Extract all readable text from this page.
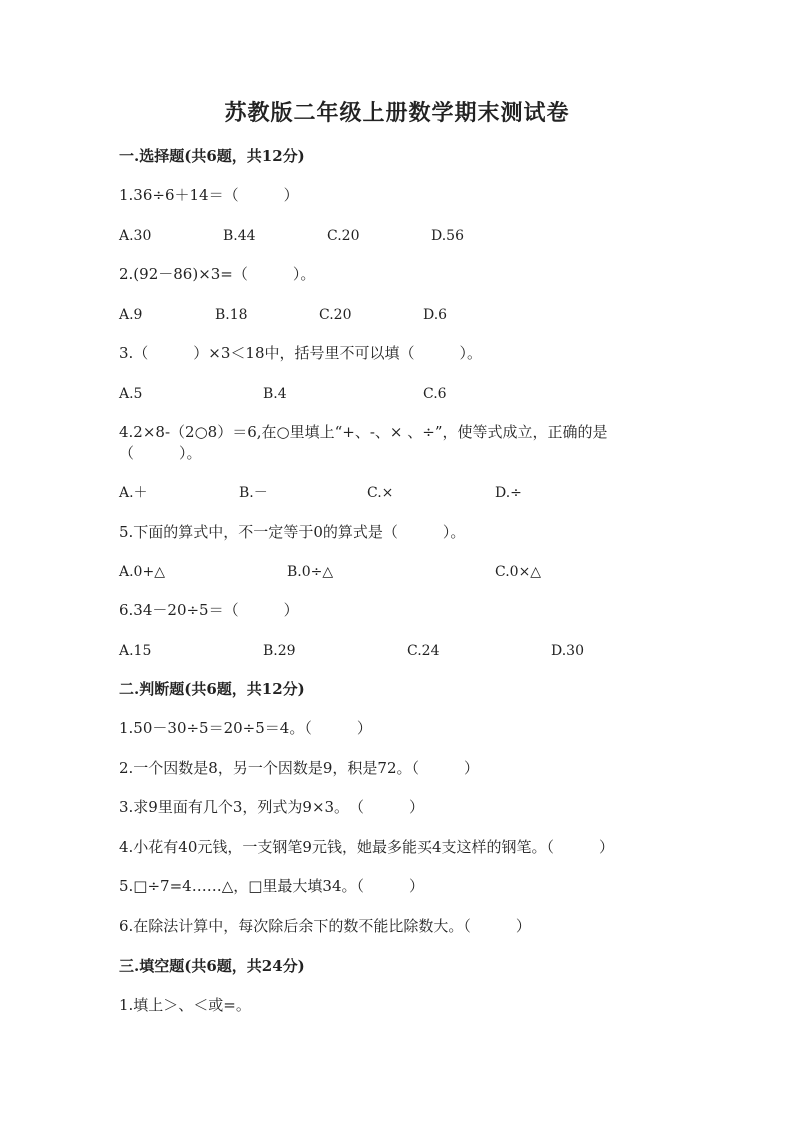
苏教版二年级上册数学期末测试卷
一.选择题(共6题，共12分)
1.36÷6＋14＝（　　　）
A.30	B.44	C.20	D.56
2.(92－86)×3=（　　　）。
A.9	B.18	C.20	D.6
3.（　　　）×3＜18中，括号里不可以填（　　　）。
A.5	B.4	C.6
4.2×8-（2○8）＝6,在○里填上“+、-、× 、÷”，使等式成立，正确的是
（　　　）。
A.＋	B.－	C.×	D.÷
5.下面的算式中，不一定等于0的算式是（　　　）。
A.0+△	B.0÷△	C.0×△
6.34－20÷5＝（　　　）
A.15	B.29	C.24	D.30
二.判断题(共6题，共12分)
1.50－30÷5＝20÷5＝4。（　　　）
2.一个因数是8，另一个因数是9，积是72。（　　　）
3.求9里面有几个3，列式为9×3。　（　　　）
4.小花有40元钱，一支钢笔9元钱，她最多能买4支这样的钢笔。（　　　）
5.□÷7=4……△，□里最大填34。（　　　）
6.在除法计算中，每次除后余下的数不能比除数大。（　　　）
三.填空题(共6题，共24分)
1.填上＞、＜或=。
